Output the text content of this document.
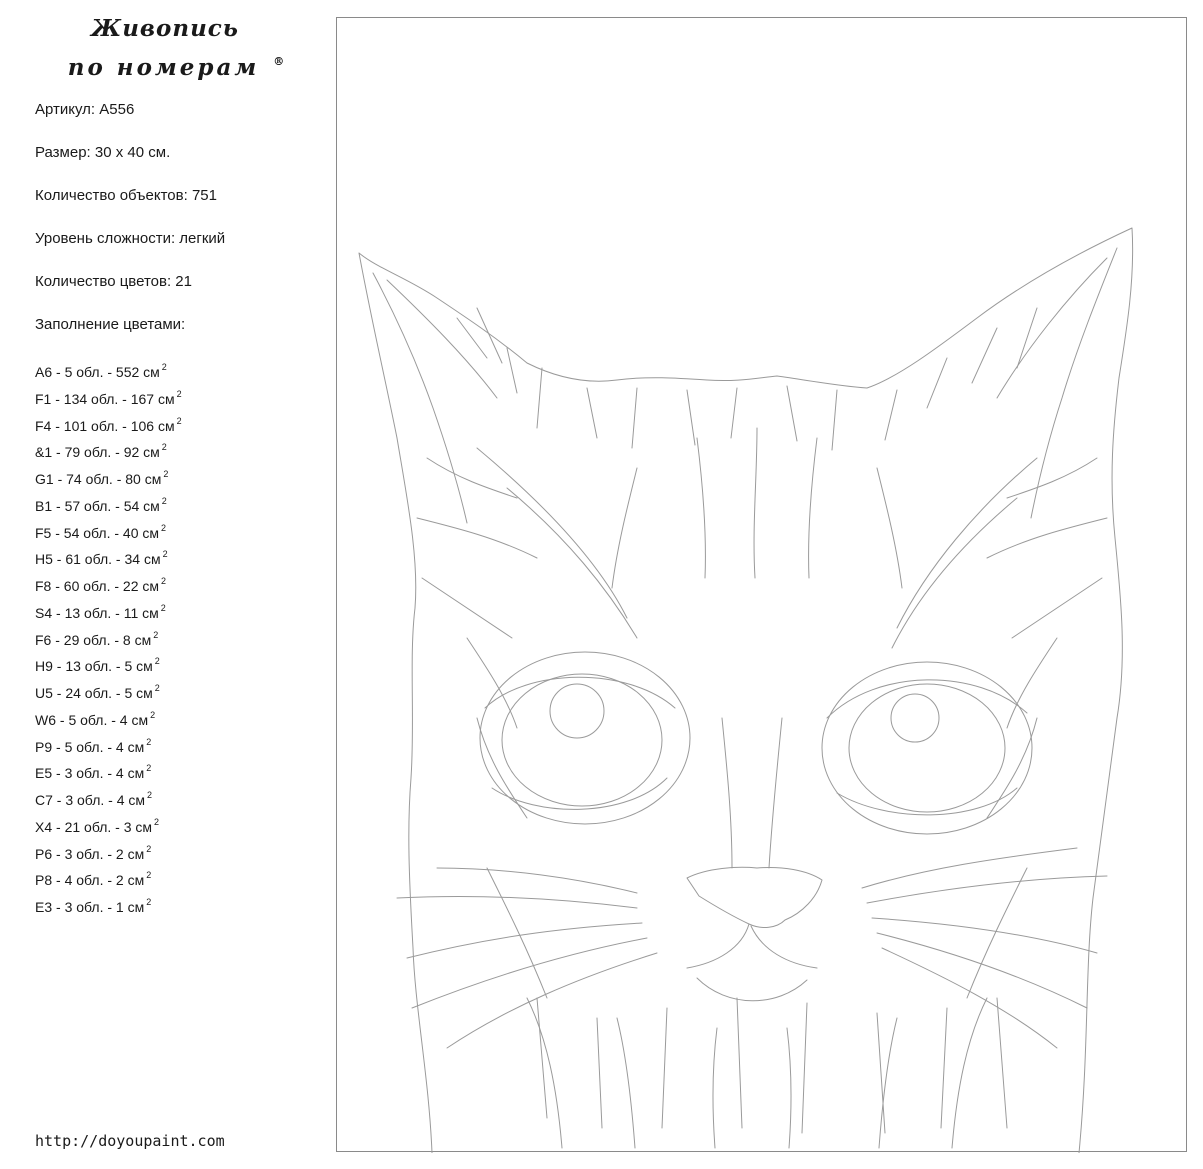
Живопись
по номерам ®
Артикул: A556
Размер: 30 x 40 см.
Количество объектов: 751
Уровень сложности: легкий
Количество цветов: 21
Заполнение цветами:
A6 - 5 обл. - 552 см $^2$
F1 - 134 обл. - 167 см $^2$
F4 - 101 обл. - 106 см $^2$
&1 - 79 обл. - 92 см $^2$
G1 - 74 обл. - 80 см $^2$
B1 - 57 обл. - 54 см $^2$
F5 - 54 обл. - 40 см $^2$
H5 - 61 обл. - 34 см $^2$
F8 - 60 обл. - 22 см $^2$
S4 - 13 обл. - 11 см $^2$
F6 - 29 обл. - 8 см $^2$
H9 - 13 обл. - 5 см $^2$
U5 - 24 обл. - 5 см $^2$
W6 - 5 обл. - 4 см $^2$
P9 - 5 обл. - 4 см $^2$
E5 - 3 обл. - 4 см $^2$
C7 - 3 обл. - 4 см $^2$
X4 - 21 обл. - 3 см $^2$
P6 - 3 обл. - 2 см $^2$
P8 - 4 обл. - 2 см $^2$
E3 - 3 обл. - 1 см $^2$
http://doyoupaint.com
